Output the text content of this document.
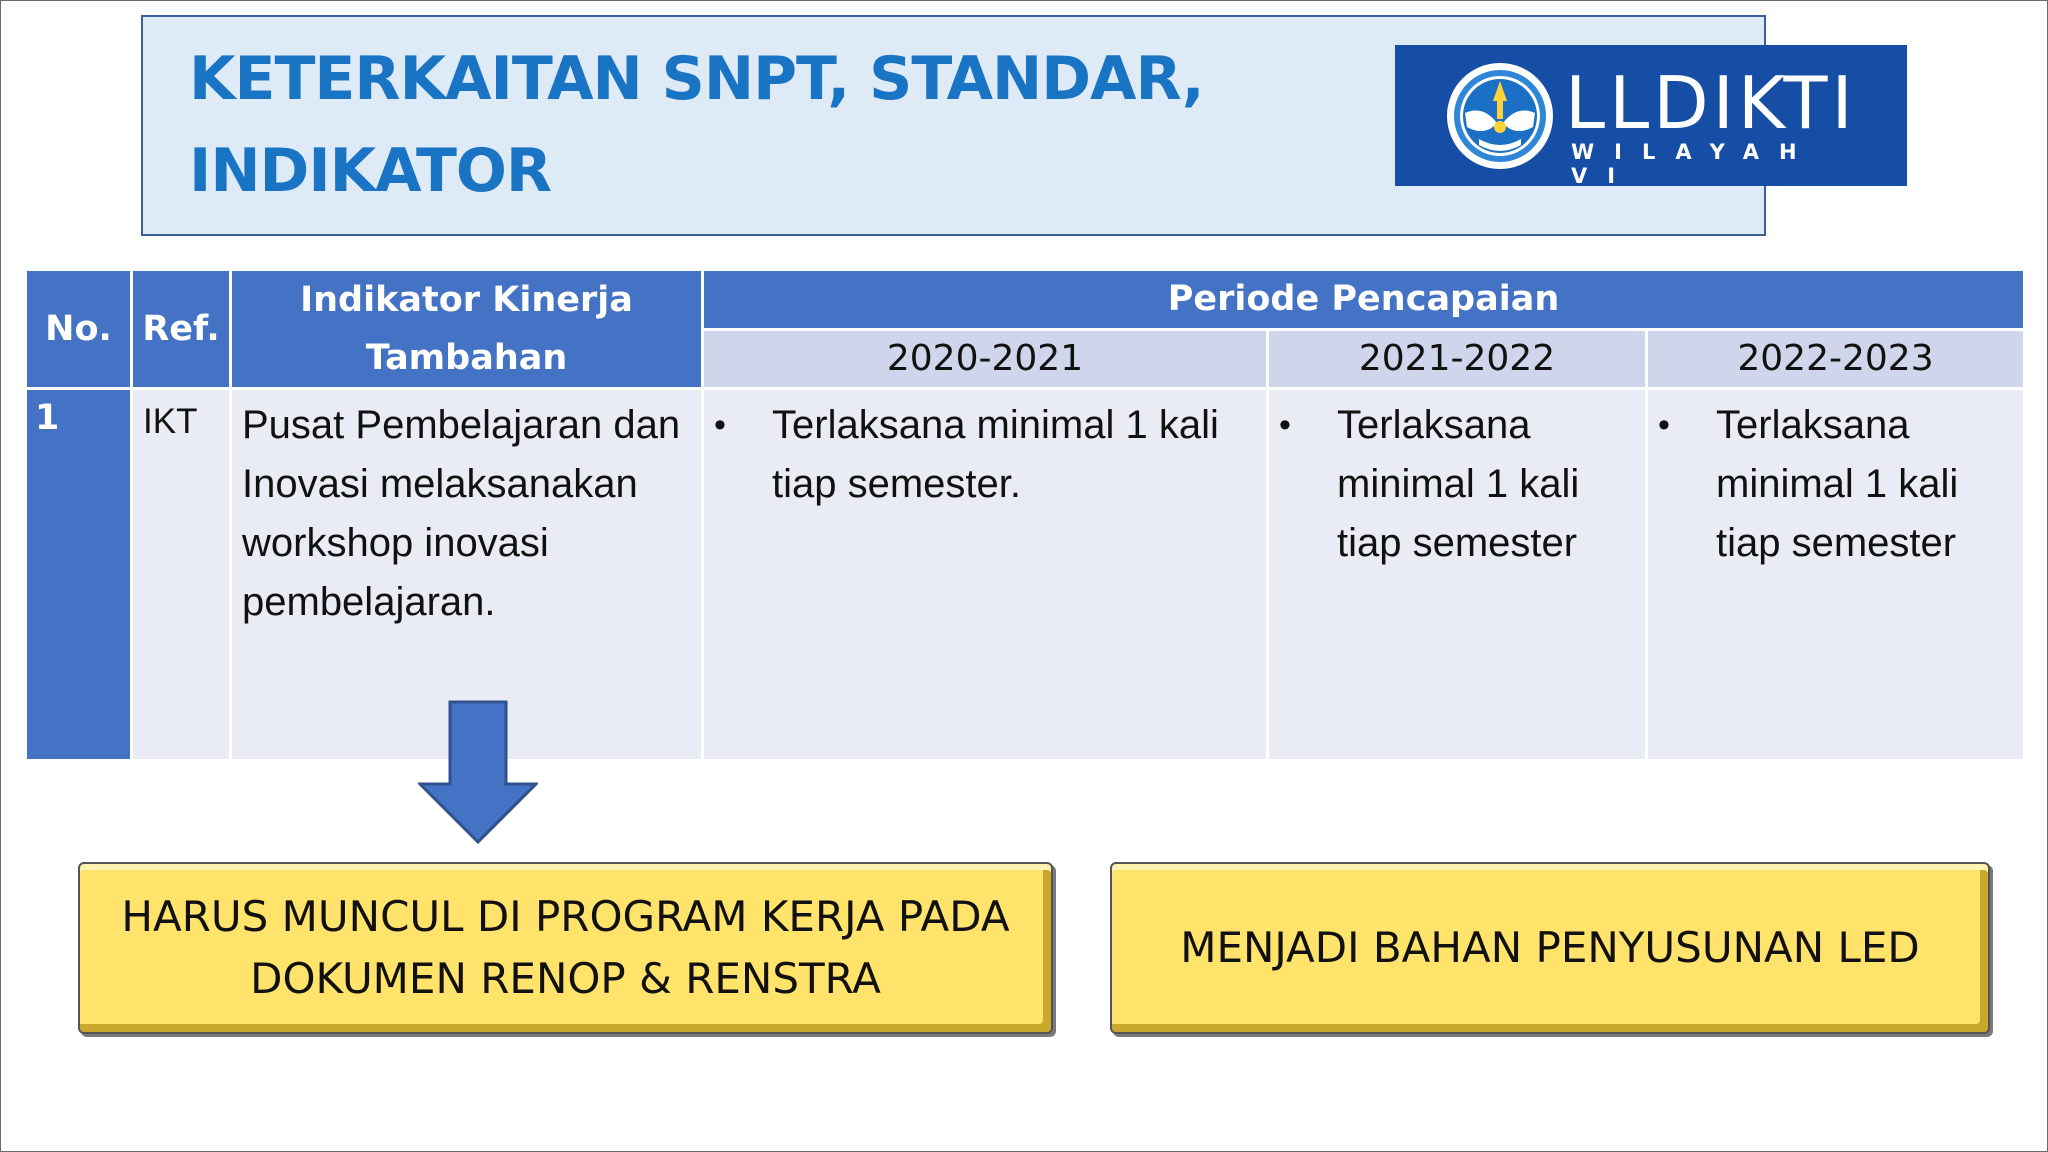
KETERKAITAN SNPT, STANDAR,
INDIKATOR
LLDIKTI
WILAYAH VI
No.	Ref.	Indikator Kinerja Tambahan	Periode Pencapaian		
			2020-2021	2021-2022	2022-2023
1	IKT	Pusat Pembelajaran dan Inovasi melaksanakan workshop inovasi pembelajaran.	• Terlaksana minimal 1 kali tiap semester.	• Terlaksana minimal 1 kali tiap semester	• Terlaksana minimal 1 kali tiap semester
HARUS MUNCUL DI PROGRAM KERJA PADA
DOKUMEN RENOP & RENSTRA
MENJADI BAHAN PENYUSUNAN LED
